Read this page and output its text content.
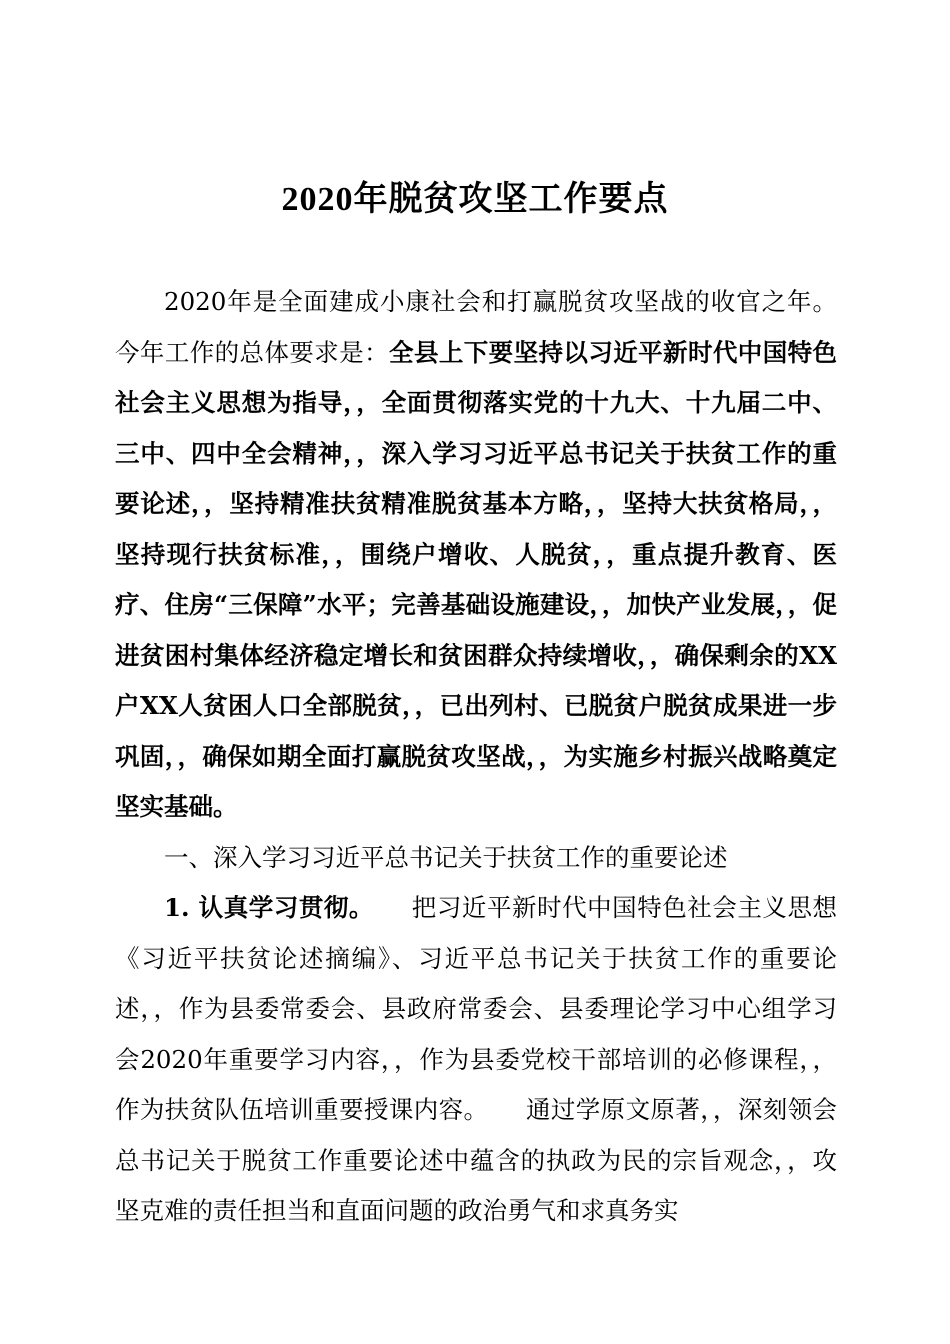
2020年脱贫攻坚工作要点

2020年是全面建成小康社会和打赢脱贫攻坚战的收官之年。今年工作的总体要求是：全县上下要坚持以习近平新时代中国特色社会主义思想为指导，，全面贯彻落实党的十九大、十九届二中、三中、四中全会精神，，深入学习习近平总书记关于扶贫工作的重要论述，，坚持精准扶贫精准脱贫基本方略，，坚持大扶贫格局，，坚持现行扶贫标准，，围绕户增收、人脱贫，，重点提升教育、医疗、住房“三保障”水平；完善基础设施建设，，加快产业发展，，促进贫困村集体经济稳定增长和贫困群众持续增收，，确保剩余的XX户XX人贫困人口全部脱贫，，已出列村、已脱贫户脱贫成果进一步巩固，，确保如期全面打赢脱贫攻坚战，，为实施乡村振兴战略奠定坚实基础。

一、深入学习习近平总书记关于扶贫工作的重要论述

1. 认真学习贯彻。　　把习近平新时代中国特色社会主义思想《习近平扶贫论述摘编》、习近平总书记关于扶贫工作的重要论述，，作为县委常委会、县政府常委会、县委理论学习中心组学习会2020年重要学习内容，，作为县委党校干部培训的必修课程，，作为扶贫队伍培训重要授课内容。　　通过学原文原著，，深刻领会总书记关于脱贫工作重要论述中蕴含的执政为民的宗旨观念，，攻坚克难的责任担当和直面问题的政治勇气和求真务实
